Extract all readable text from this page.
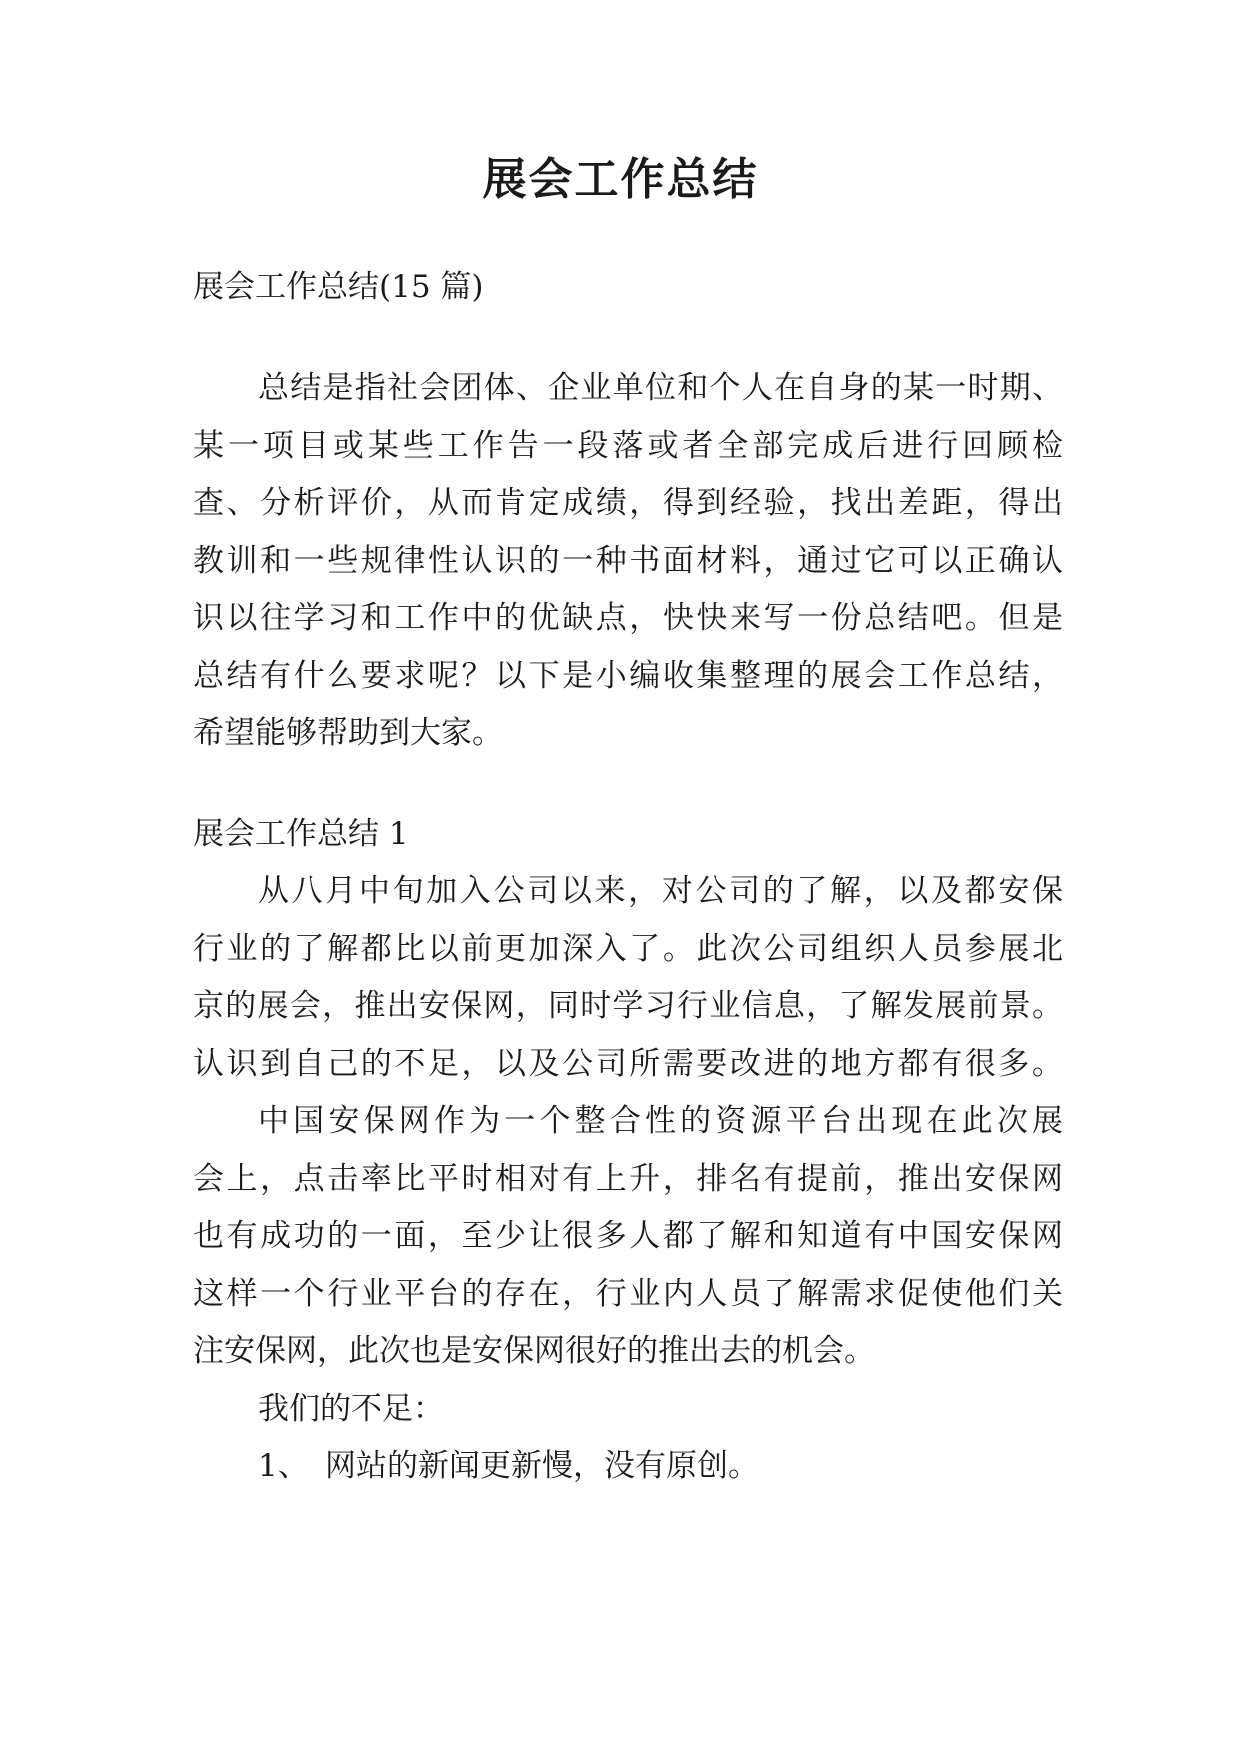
展会工作总结
展会工作总结(15 篇)
总结是指社会团体、企业单位和个人在自身的某一时期、
某一项目或某些工作告一段落或者全部完成后进行回顾检
查、分析评价，从而肯定成绩，得到经验，找出差距，得出
教训和一些规律性认识的一种书面材料，通过它可以正确认
识以往学习和工作中的优缺点，快快来写一份总结吧。但是
总结有什么要求呢？以下是小编收集整理的展会工作总结，
希望能够帮助到大家。
展会工作总结 1
从八月中旬加入公司以来，对公司的了解，以及都安保
行业的了解都比以前更加深入了。此次公司组织人员参展北
京的展会，推出安保网，同时学习行业信息，了解发展前景。
认识到自己的不足，以及公司所需要改进的地方都有很多。
中国安保网作为一个整合性的资源平台出现在此次展
会上，点击率比平时相对有上升，排名有提前，推出安保网
也有成功的一面，至少让很多人都了解和知道有中国安保网
这样一个行业平台的存在，行业内人员了解需求促使他们关
注安保网，此次也是安保网很好的推出去的机会。
我们的不足：
1、 网站的新闻更新慢，没有原创。
